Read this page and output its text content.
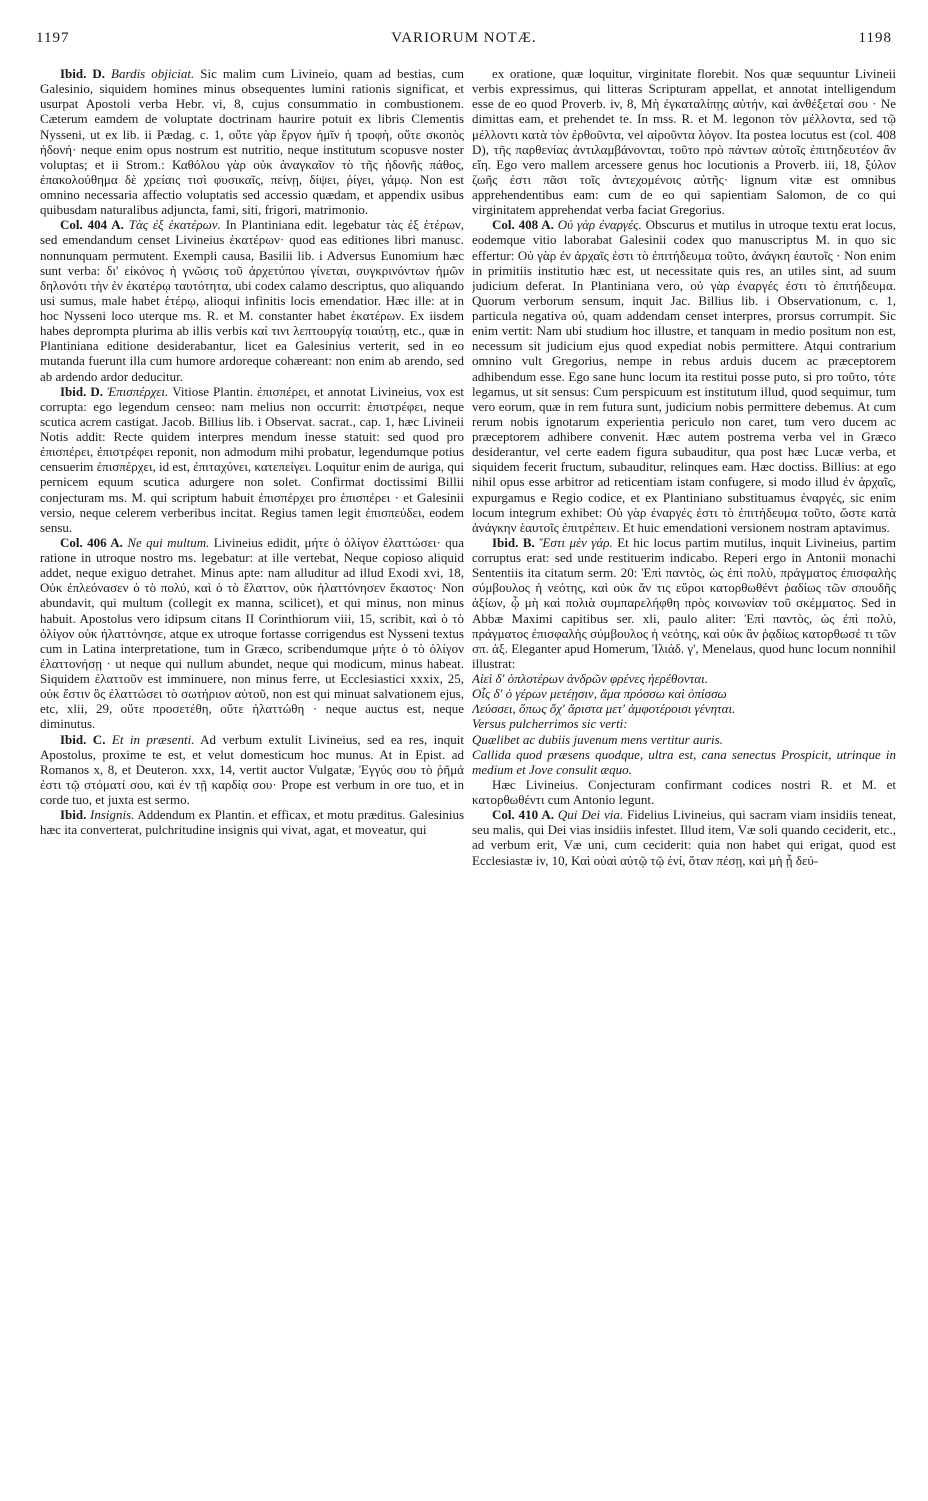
1197	VARIORUM NOTÆ.	1198

Ibid. D. Bardis objiciat. Sic malim cum Livineio, quam ad bestias, cum Galesinio, siquidem homines minus obsequentes lumini rationis significat, et usurpat Apostoli verba Hebr. vi, 8, cujus consummatio in combustionem. Cæterum eamdem de voluptate doctrinam haurire potuit ex libris Clementis Nysseni, ut ex lib. ii Pædag. c. 1, οὔτε γὰρ ἔργον ἡμῖν ἡ τροφὴ, οὔτε σκοπὸς ἡδονή· neque enim opus nostrum est nutritio, neque institutum scopusve noster voluptas; et ii Strom.: Καθόλου γὰρ οὐκ ἀναγκαῖον τὸ τῆς ἡδονῆς πάθος, ἐπακολούθημα δὲ χρείαις τισὶ φυσικαῖς, πείνῃ, δίψει, ῥίγει, γάμῳ. Non est omnino necessaria affectio voluptatis sed accessio quædam, et appendix usibus quibusdam naturalibus adjuncta, fami, siti, frigori, matrimonio.

Col. 404 A. Τὰς ἐξ ἑκατέρων. In Plantiniana edit. legebatur τὰς ἐξ ἑτέρων, sed emendandum censet Livineius ἑκατέρων· quod eas editiones libri manusc. nonnunquam permutent. Exempli causa, Basilii lib. i Adversus Eunomium hæc sunt verba: δι' εἰκόνος ἡ γνῶσις τοῦ ἀρχετύπου γίνεται, συγκρινόντων ἡμῶν δηλονότι τὴν ἐν ἑκατέρῳ ταυτότητα, ubi codex calamo descriptus, quo aliquando usi sumus, male habet ἑτέρῳ, alioqui infinitis locis emendatior. Hæc ille: at in hoc Nysseni loco uterque ms. R. et M. constanter habet ἑκατέρων. Ex iisdem habes deprompta plurima ab illis verbis καί τινι λεπτουργίᾳ τοιαύτῃ, etc., quæ in Plantiniana editione desiderabantur, licet ea Galesinius verterit, sed in eo mutanda fuerunt illa cum humore ardoreque cohæreant: non enim ab arendo, sed ab ardendo ardor deducitur.

Ibid. D. Ἐπισπέρχει. Vitiose Plantin. ἐπισπέρει, et annotat Livineius, vox est corrupta: ego legendum censeo: nam melius non occurrit: ἐπιστρέφει, neque scutica acrem castigat. Jacob. Billius lib. i Observat. sacrat., cap. 1, hæc Livineii Notis addit: Recte quidem interpres mendum inesse statuit: sed quod pro ἐπισπέρει, ἐπιστρέφει reponit, non admodum mihi probatur, legendumque potius censuerim ἐπισπέρχει, id est, ἐπιταχύνει, κατεπείγει. Loquitur enim de auriga, qui pernicem equum scutica adurgere non solet. Confirmat doctissimi Billii conjecturam ms. M. qui scriptum habuit ἐπισπέρχει pro ἐπισπέρει · et Galesinii versio, neque celerem verberibus incitat. Regius tamen legit ἐπισπεύδει, eodem sensu.

Col. 406 A. Ne qui multum. Livineius edidit, μήτε ὁ ὀλίγον ἐλαττώσει· qua ratione in utroque nostro ms. legebatur: at ille vertebat, Neque copioso aliquid addet, neque exiguo detrahet. Minus apte: nam alluditur ad illud Exodi xvi, 18, Οὐκ ἐπλεόνασεν ὁ τὸ πολύ, καὶ ὁ τὸ ἔλαττον, οὐκ ἠλαττόνησεν ἕκαστος· Non abundavit, qui multum (collegit ex manna, scilicet), et qui minus, non minus habuit. Apostolus vero idipsum citans II Corinthiorum viii, 15, scribit, καὶ ὁ τὸ ὀλίγον οὐκ ἠλαττόνησε, atque ex utroque fortasse corrigendus est Nysseni textus cum in Latina interpretatione, tum in Græco, scribendumque μήτε ὁ τὸ ὀλίγον ἐλαττονήσῃ · ut neque qui nullum abundet, neque qui modicum, minus habeat. Siquidem ἐλαττοῦν est imminuere, non minus ferre, ut Ecclesiastici xxxix, 25, οὐκ ἔστιν ὃς ἐλαττώσει τὸ σωτήριον αὐτοῦ, non est qui minuat salvationem ejus, etc, xlii, 29, οὔτε προσετέθη, οὔτε ἠλαττώθη · neque auctus est, neque diminutus.

Ibid. C. Et in præsenti. Ad verbum extulit Livineius, sed ea res, inquit Apostolus, proxime te est, et velut domesticum hoc munus. At in Epist. ad Romanos x, 8, et Deuteron. xxx, 14, vertit auctor Vulgatæ, Ἐγγύς σου τὸ ῥῆμά ἐστι τῷ στόματί σου, καὶ ἐν τῇ καρδίᾳ σου· Prope est verbum in ore tuo, et in corde tuo, et juxta est sermo.

Ibid. Insignis. Addendum ex Plantin. et efficax, et motu præditus. Galesinius hæc ita converterat, pulchritudine insignis qui vivat, agat, et moveatur, qui

ex oratione, quæ loquitur, virginitate florebit. Nos quæ sequuntur Livineii verbis expressimus, qui litteras Scripturam appellat, et annotat intelligendum esse de eo quod Proverb. iv, 8, Μὴ ἐγκαταλίπῃς αὐτήν, καὶ ἀνθέξεταί σου · Ne dimittas eam, et prehendet te. In mss. R. et M. legonon τὸν μέλλοντα, sed τῷ μέλλοντι κατὰ τὸν ἐρθοῦντα, vel αἱροῦντα λόγον. Ita postea locutus est (col. 408 D), τῆς παρθενίας ἀντιλαμβάνονται, τοῦτο πρὸ πάντων αὐτοῖς ἐπιτηδευτέον ἂν εἴη. Ego vero mallem arcessere genus hoc locutionis a Proverb. iii, 18, ξύλον ζωῆς ἐστι πᾶσι τοῖς ἀντεχομένοις αὐτῆς· lignum vitæ est omnibus apprehendentibus eam: cum de eo qui sapientiam Salomon, de co qui virginitatem apprehendat verba faciat Gregorius.

Col. 408 A. Οὐ γὰρ ἐναργές. Obscurus et mutilus in utroque textu erat locus, eodemque vitio laborabat Galesinii codex quo manuscriptus M. in quo sic effertur: Οὐ γὰρ ἐν ἀρχαῖς ἐστι τὸ ἐπιτήδευμα τοῦτο, ἀνάγκη ἑαυτοῖς · Non enim in primitiis institutio hæc est, ut necessitate quis res, an utiles sint, ad suum judicium deferat. In Plantiniana vero, οὐ γὰρ ἐναργές ἐστι τὸ ἐπιτήδευμα. Quorum verborum sensum, inquit Jac. Billius lib. i Observationum, c. 1, particula negativa οὐ, quam addendam censet interpres, prorsus corrumpit. Sic enim vertit: Nam ubi studium hoc illustre, et tanquam in medio positum non est, necessum sit judicium ejus quod expediat nobis permittere. Atqui contrarium omnino vult Gregorius, nempe in rebus arduis ducem ac præceptorem adhibendum esse. Ego sane hunc locum ita restitui posse puto, si pro τοῦτο, τότε legamus, ut sit sensus: Cum perspicuum est institutum illud, quod sequimur, tum vero eorum, quæ in rem futura sunt, judicium nobis permittere debemus. At cum rerum nobis ignotarum experientia periculo non caret, tum vero ducem ac præceptorem adhibere convenit. Hæc autem postrema verba vel in Græco desiderantur, vel certe eadem figura subauditur, qua post hæc Lucæ verba, et siquidem fecerit fructum, subauditur, relinques eam. Hæc doctiss. Billius: at ego nihil opus esse arbitror ad reticentiam istam confugere, si modo illud ἐν ἀρχαῖς, expurgamus e Regio codice, et ex Plantiniano substituamus ἐναργές, sic enim locum integrum exhibet: Οὐ γὰρ ἐναργές ἐστι τὸ ἐπιτήδευμα τοῦτο, ὥστε κατὰ ἀνάγκην ἑαυτοῖς ἐπιτρέπειν. Et huic emendationi versionem nostram aptavimus.

Ibid. B. Ἔστι μὲν γάρ. Et hic locus partim mutilus, inquit Livineius, partim corruptus erat: sed unde restituerim indicabo. Reperi ergo in Antonii monachi Sententiis ita citatum serm. 20: Ἐπὶ παντὸς, ὡς ἐπὶ πολὺ, πράγματος ἐπισφαλὴς σύμβουλος ἡ νεότης, καὶ οὐκ ἄν τις εὕροι κατορθωθέντ ῥαδίως τῶν σπουδῆς ἀξίων, ᾧ μὴ καὶ πολιὰ συμπαρελήφθη πρὸς κοινωνίαν τοῦ σκέμματος. Sed in Abbæ Maximi capitibus ser. xli, paulo aliter: Ἐπὶ παντὸς, ὡς ἐπὶ πολὺ, πράγματος ἐπισφαλὴς σύμβουλος ἡ νεότης, καὶ οὐκ ἂν ῥᾳδίως κατορθωσέ τι τῶν σπ. ἀξ. Eleganter apud Homerum, Ἰλιάδ. γ', Menelaus, quod hunc locum nonnihil illustrat:

Αἰεὶ δ' ὁπλοτέρων ἀνδρῶν φρένες ἠερέθονται.

Οἷς δ' ὁ γέρων μετέῃσιν, ἅμα πρόσσω καὶ ὀπίσσω

Λεύσσει, ὅπως ὄχ' ἄριστα μετ' ἀμφοτέροισι γένηται.

Versus pulcherrimos sic verti:

Quælibet ac dubiis juvenum mens vertitur auris.

Callida quod præsens quodque, ultra est, cana senectus Prospicit, utrinque in medium et Jove consulit æquo.

Hæc Livineius. Conjecturam confirmant codices nostri R. et M. et κατορθωθέντι cum Antonio legunt.

Col. 410 A. Qui Dei via. Fidelius Livineius, qui sacram viam insidiis teneat, seu malis, qui Dei vias insidiis infestet. Illud item, Væ soli quando ceciderit, etc., ad verbum erit, Væ uni, cum ceciderit: quia non habet qui erigat, quod est Ecclesiastæ iv, 10, Καὶ οὐαὶ αὐτῷ τῷ ἑνί, ὅταν πέσῃ, καὶ μὴ ᾖ δεύ-
